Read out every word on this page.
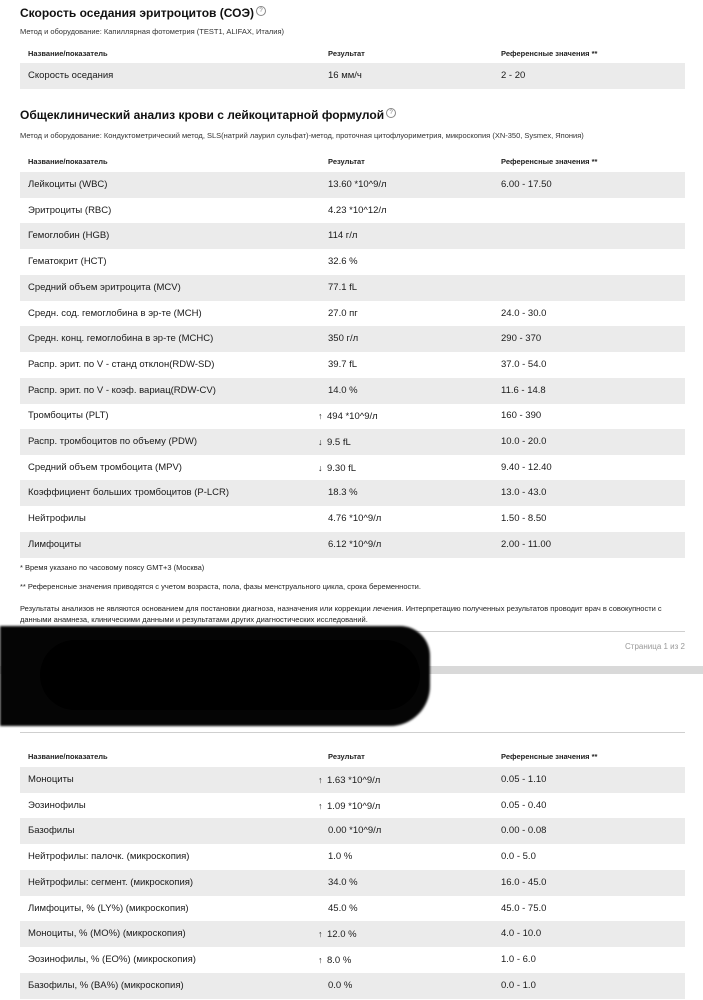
Скорость оседания эритроцитов (СОЭ) ?
Метод и оборудование: Капиллярная фотометрия (TEST1, ALIFAX, Италия)
Название/показатель	Результат	Референсные значения **
Общеклинический анализ крови с лейкоцитарной формулой ?
Метод и оборудование: Кондуктометрический метод, SLS(натрий лаурил сульфат)-метод, проточная цитофлуориметрия, микроскопия (XN-350, Sysmex, Япония)
Название/показатель	Результат	Референсные значения **
* Время указано по часовому поясу GMT+3 (Москва)
** Референсные значения приводятся с учетом возраста, пола, фазы менструального цикла, срока беременности.
Результаты анализов не являются основанием для постановки диагноза, назначения или коррекции лечения. Интерпретацию полученных результатов проводит врач в совокупности с данными анамнеза, клиническими данными и результатами других диагностических исследований.
Страница 1 из 2
Скорость оседания	16 мм/ч	2 - 20
Лейкоциты (WBC)	13.60 *10^9/л	6.00 - 17.50
Эритроциты (RBC)	4.23 *10^12/л
Гемоглобин (HGB)	114 г/л
Гематокрит (HCT)	32.6 %
Средний объем эритроцита (MCV)	77.1 fL
Средн. сод. гемоглобина в эр-те (MCH)	27.0 пг	24.0 - 30.0
Средн. конц. гемоглобина в эр-те (MCHC)	350 г/л	290 - 370
Распр. эрит. по V - станд отклон(RDW-SD)	39.7 fL	37.0 - 54.0
Распр. эрит. по V - коэф. вариац(RDW-CV)	14.0 %	11.6 - 14.8
Тромбоциты (PLT)	↑ 494 *10^9/л	160 - 390
Распр. тромбоцитов по объему (PDW)	↓ 9.5 fL	10.0 - 20.0
Средний объем тромбоцита (MPV)	↓ 9.30 fL	9.40 - 12.40
Коэффициент больших тромбоцитов (P-LCR)	18.3 %	13.0 - 43.0
Нейтрофилы	4.76 *10^9/л	1.50 - 8.50
Лимфоциты	6.12 *10^9/л	2.00 - 11.00
Название/показатель	Результат	Референсные значения **
Моноциты	↑ 1.63 *10^9/л	0.05 - 1.10
Эозинофилы	↑ 1.09 *10^9/л	0.05 - 0.40
Базофилы	0.00 *10^9/л	0.00 - 0.08
Нейтрофилы: палочк. (микроскопия)	1.0 %	0.0 - 5.0
Нейтрофилы: сегмент. (микроскопия)	34.0 %	16.0 - 45.0
Лимфоциты, % (LY%) (микроскопия)	45.0 %	45.0 - 75.0
Моноциты, % (MO%) (микроскопия)	↑ 12.0 %	4.0 - 10.0
Эозинофилы, % (EO%) (микроскопия)	↑ 8.0 %	1.0 - 6.0
Базофилы, % (BA%) (микроскопия)	0.0 %	0.0 - 1.0
